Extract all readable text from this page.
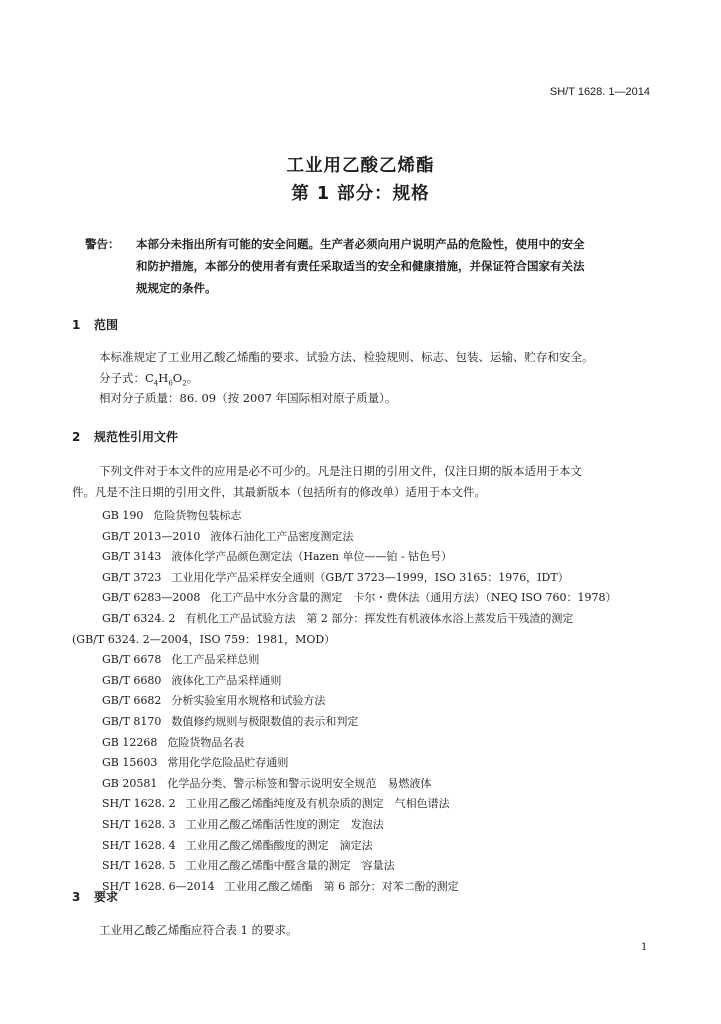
SH/T 1628. 1—2014
工业用乙酸乙烯酯
第 1 部分：规格
警告： 本部分未指出所有可能的安全问题。生产者必须向用户说明产品的危险性，使用中的安全
和防护措施，本部分的使用者有责任采取适当的安全和健康措施，并保证符合国家有关法
规规定的条件。
1 范围
本标准规定了工业用乙酸乙烯酯的要求、试验方法、检验规则、标志、包装、运输、贮存和安全。
分子式：$C_4H_6O_2$。
相对分子质量：86. 09（按 2007 年国际相对原子质量）。
2 规范性引用文件
下列文件对于本文件的应用是必不可少的。凡是注日期的引用文件，仅注日期的版本适用于本文
件。凡是不注日期的引用文件，其最新版本（包括所有的修改单）适用于本文件。
GB 190 危险货物包装标志
GB/T 2013—2010 液体石油化工产品密度测定法
GB/T 3143 液体化学产品颜色测定法（Hazen 单位——铂 - 钴色号）
GB/T 3723 工业用化学产品采样安全通则（GB/T 3723—1999，ISO 3165：1976，IDT）
GB/T 6283—2008 化工产品中水分含量的测定　卡尔・费休法（通用方法）（NEQ ISO 760：1978）
GB/T 6324. 2 有机化工产品试验方法　第 2 部分：挥发性有机液体水浴上蒸发后干残渣的测定
(GB/T 6324. 2—2004，ISO 759：1981，MOD）
GB/T 6678 化工产品采样总则
GB/T 6680 液体化工产品采样通则
GB/T 6682 分析实验室用水规格和试验方法
GB/T 8170 数值修约规则与极限数值的表示和判定
GB 12268 危险货物品名表
GB 15603 常用化学危险品贮存通则
GB 20581 化学品分类、警示标签和警示说明安全规范　易燃液体
SH/T 1628. 2 工业用乙酸乙烯酯纯度及有机杂质的测定　气相色谱法
SH/T 1628. 3 工业用乙酸乙烯酯活性度的测定　发泡法
SH/T 1628. 4 工业用乙酸乙烯酯酸度的测定　滴定法
SH/T 1628. 5 工业用乙酸乙烯酯中醛含量的测定　容量法
SH/T 1628. 6—2014 工业用乙酸乙烯酯　第 6 部分：对苯二酚的测定
3 要求
工业用乙酸乙烯酯应符合表 1 的要求。
1
